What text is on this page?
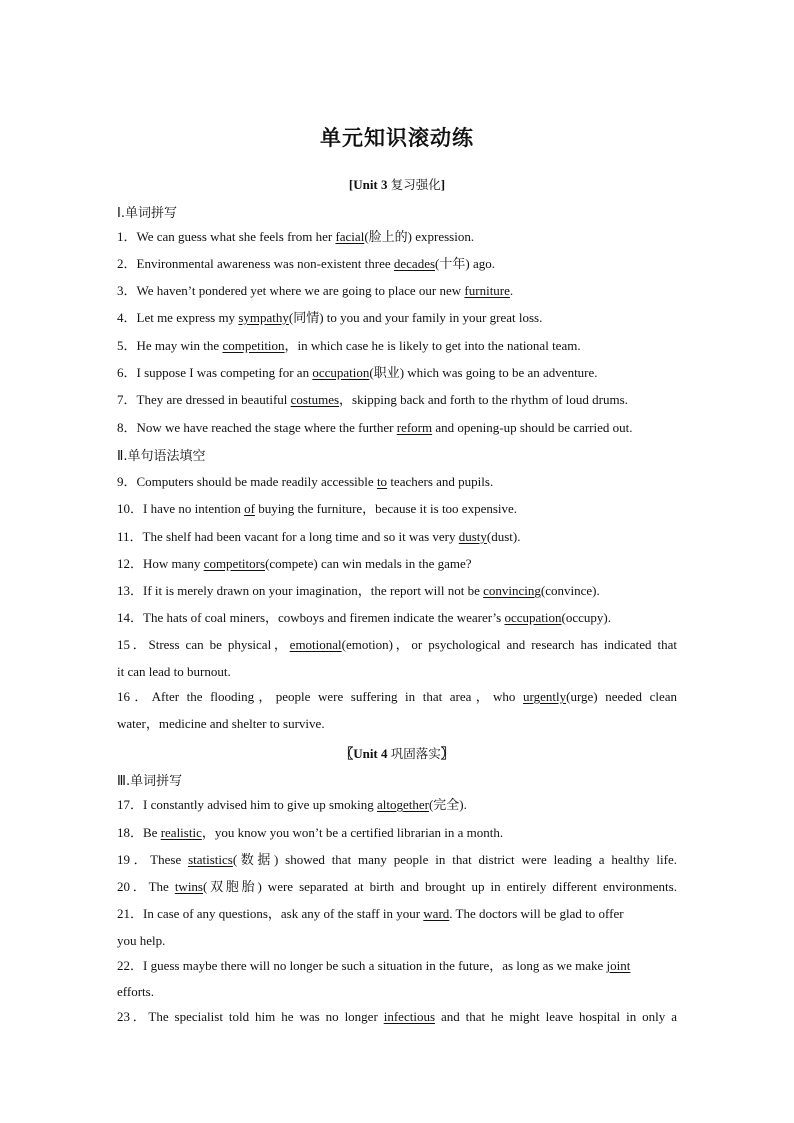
单元知识滚动练
[Unit 3 复习强化]
Ⅰ.单词拼写
1．We can guess what she feels from her facial(脸上的) expression.
2．Environmental awareness was non-existent three decades(十年) ago.
3．We haven’t pondered yet where we are going to place our new furniture.
4．Let me express my sympathy(同情) to you and your family in your great loss.
5．He may win the competition，in which case he is likely to get into the national team.
6．I suppose I was competing for an occupation(职业) which was going to be an adventure.
7．They are dressed in beautiful costumes，skipping back and forth to the rhythm of loud drums.
8．Now we have reached the stage where the further reform and opening-up should be carried out.
9．Computers should be made readily accessible to teachers and pupils.
10．I have no intention of buying the furniture，because it is too expensive.
11．The shelf had been vacant for a long time and so it was very dusty(dust).
12．How many competitors(compete) can win medals in the game?
13．If it is merely drawn on your imagination，the report will not be convincing(convince).
14．The hats of coal miners，cowboys and firemen indicate the wearer’s occupation(occupy).
15．Stress can be physical，emotional(emotion)，or psychological and research has indicated that
it can lead to burnout.
16．After the flooding，people were suffering in that area，who urgently(urge) needed clean
water，medicine and shelter to survive.
17．I constantly advised him to give up smoking altogether(完全).
18．Be realistic，you know you won’t be a certified librarian in a month.
19．These statistics(数据) showed that many people in that district were leading a healthy life.
20．The twins(双胞胎) were separated at birth and brought up in entirely different environments.
21．In case of any questions，ask any of the staff in your ward. The doctors will be glad to offer
you help.
22．I guess maybe there will no longer be such a situation in the future，as long as we make joint
efforts.
23．The specialist told him he was no longer infectious and that he might leave hospital in only a
Ⅱ.单句语法填空
〖Unit 4 巩固落实〗
Ⅲ.单词拼写
